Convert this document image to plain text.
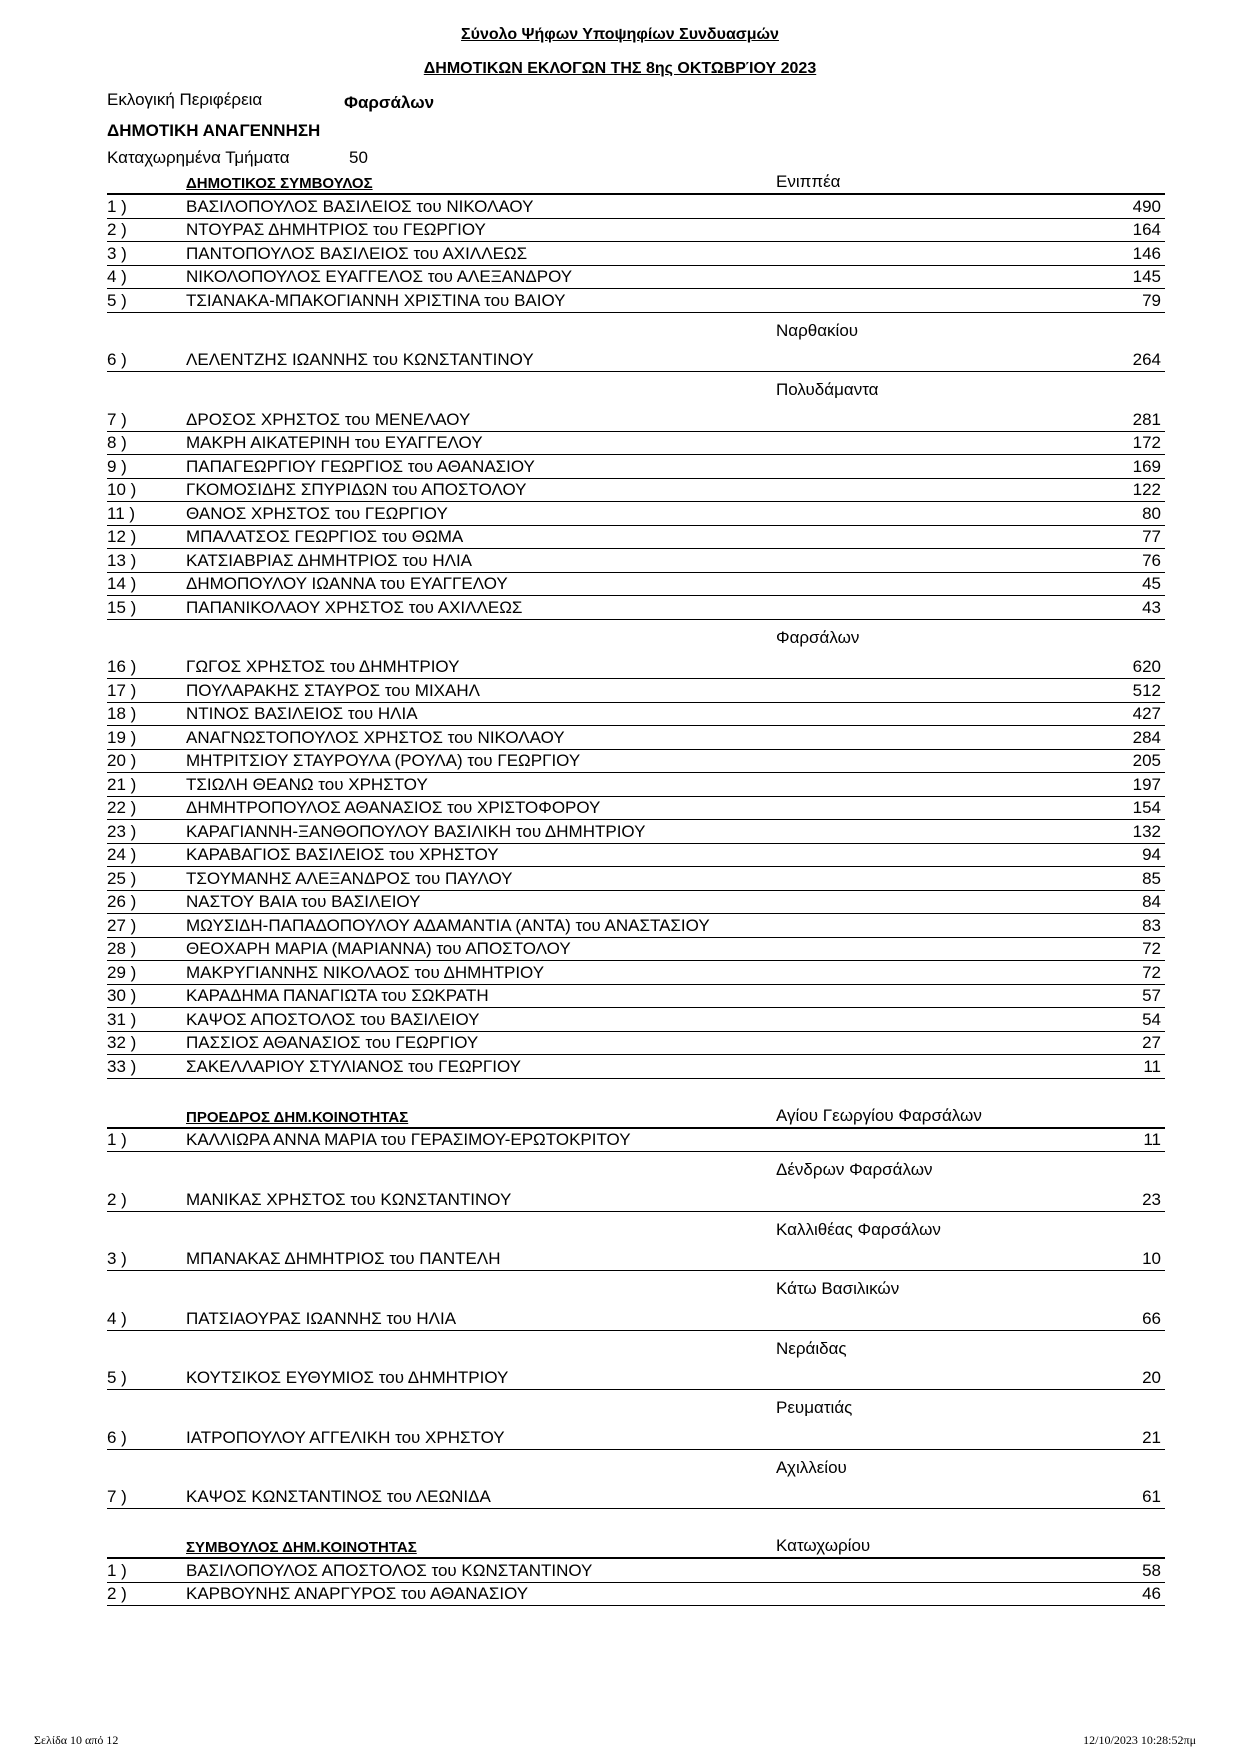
Σύνολο Ψήφων Υποψηφίων Συνδυασμών
ΔΗΜΟΤΙΚΩΝ ΕΚΛΟΓΩΝ ΤΗΣ 8ης ΟΚΤΩΒΡΊΟΥ 2023
Εκλογική Περιφέρεια	Φαρσάλων
ΔΗΜΟΤΙΚΗ ΑΝΑΓΕΝΝΗΣΗ
Καταχωρημένα Τμήματα	50
ΔΗΜΟΤΙΚΟΣ ΣΥΜΒΟΥΛΟΣ	Ενιππέα
1 )	ΒΑΣΙΛΟΠΟΥΛΟΣ ΒΑΣΙΛΕΙΟΣ του ΝΙΚΟΛΑΟΥ	490
2 )	ΝΤΟΥΡΑΣ ΔΗΜΗΤΡΙΟΣ του ΓΕΩΡΓΙΟΥ	164
3 )	ΠΑΝΤΟΠΟΥΛΟΣ ΒΑΣΙΛΕΙΟΣ του ΑΧΙΛΛΕΩΣ	146
4 )	ΝΙΚΟΛΟΠΟΥΛΟΣ ΕΥΑΓΓΕΛΟΣ του ΑΛΕΞΑΝΔΡΟΥ	145
5 )	ΤΣΙΑΝΑΚΑ-ΜΠΑΚΟΓΙΑΝΝΗ ΧΡΙΣΤΙΝΑ του ΒΑΙΟΥ	79
Ναρθακίου
6 )	ΛΕΛΕΝΤΖΗΣ ΙΩΑΝΝΗΣ του ΚΩΝΣΤΑΝΤΙΝΟΥ	264
Πολυδάμαντα
7 )	ΔΡΟΣΟΣ ΧΡΗΣΤΟΣ του ΜΕΝΕΛΑΟΥ	281
8 )	ΜΑΚΡΗ ΑΙΚΑΤΕΡΙΝΗ του ΕΥΑΓΓΕΛΟΥ	172
9 )	ΠΑΠΑΓΕΩΡΓΙΟΥ ΓΕΩΡΓΙΟΣ του ΑΘΑΝΑΣΙΟΥ	169
10 )	ΓΚΟΜΟΣΙΔΗΣ ΣΠΥΡΙΔΩΝ του ΑΠΟΣΤΟΛΟΥ	122
11 )	ΘΑΝΟΣ ΧΡΗΣΤΟΣ του ΓΕΩΡΓΙΟΥ	80
12 )	ΜΠΑΛΑΤΣΟΣ ΓΕΩΡΓΙΟΣ του ΘΩΜΑ	77
13 )	ΚΑΤΣΙΑΒΡΙΑΣ ΔΗΜΗΤΡΙΟΣ του ΗΛΙΑ	76
14 )	ΔΗΜΟΠΟΥΛΟΥ ΙΩΑΝΝΑ του ΕΥΑΓΓΕΛΟΥ	45
15 )	ΠΑΠΑΝΙΚΟΛΑΟΥ ΧΡΗΣΤΟΣ του ΑΧΙΛΛΕΩΣ	43
Φαρσάλων
16 )	ΓΩΓΟΣ ΧΡΗΣΤΟΣ του ΔΗΜΗΤΡΙΟΥ	620
17 )	ΠΟΥΛΑΡΑΚΗΣ ΣΤΑΥΡΟΣ του ΜΙΧΑΗΛ	512
18 )	ΝΤΙΝΟΣ ΒΑΣΙΛΕΙΟΣ του ΗΛΙΑ	427
19 )	ΑΝΑΓΝΩΣΤΟΠΟΥΛΟΣ ΧΡΗΣΤΟΣ του ΝΙΚΟΛΑΟΥ	284
20 )	ΜΗΤΡΙΤΣΙΟΥ ΣΤΑΥΡΟΥΛΑ (ΡΟΥΛΑ) του ΓΕΩΡΓΙΟΥ	205
21 )	ΤΣΙΩΛΗ ΘΕΑΝΩ του ΧΡΗΣΤΟΥ	197
22 )	ΔΗΜΗΤΡΟΠΟΥΛΟΣ ΑΘΑΝΑΣΙΟΣ του ΧΡΙΣΤΟΦΟΡΟΥ	154
23 )	ΚΑΡΑΓΙΑΝΝΗ-ΞΑΝΘΟΠΟΥΛΟΥ ΒΑΣΙΛΙΚΗ του ΔΗΜΗΤΡΙΟΥ	132
24 )	ΚΑΡΑΒΑΓΙΟΣ ΒΑΣΙΛΕΙΟΣ του ΧΡΗΣΤΟΥ	94
25 )	ΤΣΟΥΜΑΝΗΣ ΑΛΕΞΑΝΔΡΟΣ του ΠΑΥΛΟΥ	85
26 )	ΝΑΣΤΟΥ ΒΑΙΑ του ΒΑΣΙΛΕΙΟΥ	84
27 )	ΜΩΥΣΙΔΗ-ΠΑΠΑΔΟΠΟΥΛΟΥ ΑΔΑΜΑΝΤΙΑ (ΑΝΤΑ) του ΑΝΑΣΤΑΣΙΟΥ	83
28 )	ΘΕΟΧΑΡΗ ΜΑΡΙΑ (ΜΑΡΙΑΝΝΑ) του ΑΠΟΣΤΟΛΟΥ	72
29 )	ΜΑΚΡΥΓΙΑΝΝΗΣ ΝΙΚΟΛΑΟΣ του ΔΗΜΗΤΡΙΟΥ	72
30 )	ΚΑΡΑΔΗΜΑ ΠΑΝΑΓΙΩΤΑ του ΣΩΚΡΑΤΗ	57
31 )	ΚΑΨΟΣ ΑΠΟΣΤΟΛΟΣ του ΒΑΣΙΛΕΙΟΥ	54
32 )	ΠΑΣΣΙΟΣ ΑΘΑΝΑΣΙΟΣ του ΓΕΩΡΓΙΟΥ	27
33 )	ΣΑΚΕΛΛΑΡΙΟΥ ΣΤΥΛΙΑΝΟΣ του ΓΕΩΡΓΙΟΥ	11
ΠΡΟΕΔΡΟΣ ΔΗΜ.ΚΟΙΝΟΤΗΤΑΣ	Αγίου Γεωργίου Φαρσάλων
1 )	ΚΑΛΛΙΩΡΑ ΑΝΝΑ ΜΑΡΙΑ του ΓΕΡΑΣΙΜΟΥ-ΕΡΩΤΟΚΡΙΤΟΥ	11
Δένδρων Φαρσάλων
2 )	ΜΑΝΙΚΑΣ ΧΡΗΣΤΟΣ του ΚΩΝΣΤΑΝΤΙΝΟΥ	23
Καλλιθέας Φαρσάλων
3 )	ΜΠΑΝΑΚΑΣ ΔΗΜΗΤΡΙΟΣ του ΠΑΝΤΕΛΗ	10
Κάτω Βασιλικών
4 )	ΠΑΤΣΙΑΟΥΡΑΣ ΙΩΑΝΝΗΣ του ΗΛΙΑ	66
Νεράιδας
5 )	ΚΟΥΤΣΙΚΟΣ ΕΥΘΥΜΙΟΣ του ΔΗΜΗΤΡΙΟΥ	20
Ρευματιάς
6 )	ΙΑΤΡΟΠΟΥΛΟΥ ΑΓΓΕΛΙΚΗ του ΧΡΗΣΤΟΥ	21
Αχιλλείου
7 )	ΚΑΨΟΣ ΚΩΝΣΤΑΝΤΙΝΟΣ του ΛΕΩΝΙΔΑ	61
ΣΥΜΒΟΥΛΟΣ ΔΗΜ.ΚΟΙΝΟΤΗΤΑΣ	Κατωχωρίου
1 )	ΒΑΣΙΛΟΠΟΥΛΟΣ ΑΠΟΣΤΟΛΟΣ του ΚΩΝΣΤΑΝΤΙΝΟΥ	58
2 )	ΚΑΡΒΟΥΝΗΣ ΑΝΑΡΓΥΡΟΣ του ΑΘΑΝΑΣΙΟΥ	46
Σελίδα 10 από 12	12/10/2023 10:28:52πμ
